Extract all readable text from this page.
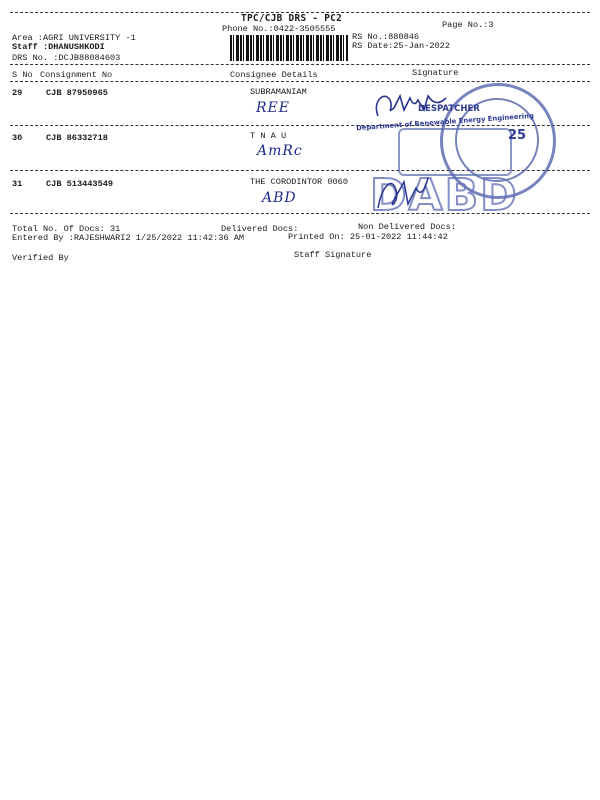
TPC/CJB DRS - PC2
Phone No.:0422-3505555	Page No.:3
Area :AGRI UNIVERSITY -1
Staff :DHANUSHKODI
DRS No. :DCJB88084603
RS No.:880846
RS Date:25-Jan-2022
S No Consignment No	Consignee Details	Signature
29	CJB 87950965	SUBRAMANIAM
REE
30	CJB 86332718	T N A U
AmRc
31	CJB 513443549	THE CORODINTOR 0060
ABD
DESPATCHER
Department of Renewable Energy Engineering
25
DABD
Total No. Of Docs: 31	Delivered Docs:	Non Delivered Docs:
Entered By :RAJESHWARI2 1/25/2022 11:42:36 AM	Printed On: 25-01-2022 11:44:42
Verified By	Staff Signature
